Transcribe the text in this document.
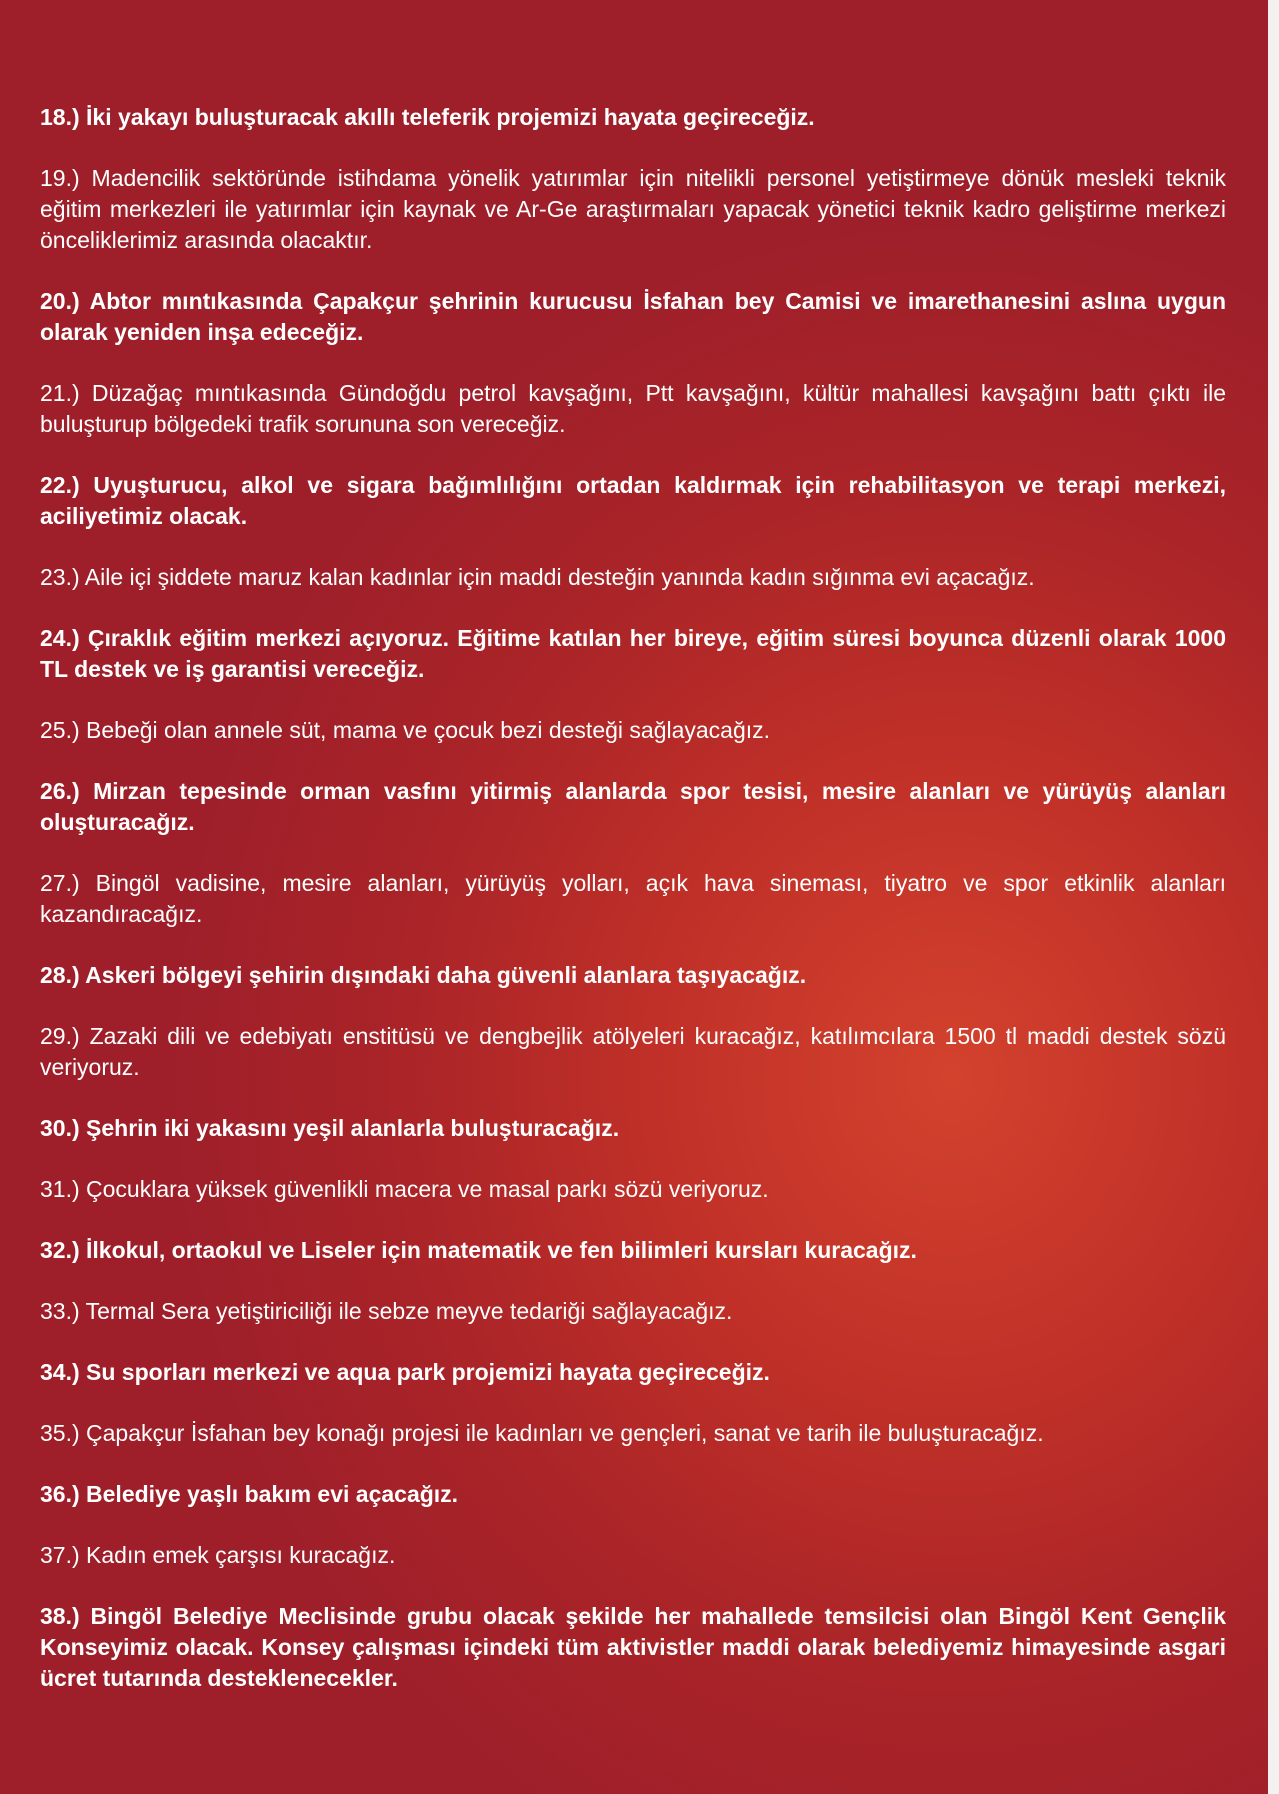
18.) İki yakayı buluşturacak akıllı teleferik projemizi hayata geçireceğiz.

19.) Madencilik sektöründe istihdama yönelik yatırımlar için nitelikli personel yetiştirmeye dönük mesleki teknik eğitim merkezleri ile yatırımlar için kaynak ve Ar-Ge araştırmaları yapacak yönetici teknik kadro geliştirme merkezi önceliklerimiz arasında olacaktır.

20.) Abtor mıntıkasında Çapakçur şehrinin kurucusu İsfahan bey Camisi ve imarethanesini aslına uygun olarak yeniden inşa edeceğiz.

21.) Düzağaç mıntıkasında Gündoğdu petrol kavşağını, Ptt kavşağını, kültür mahallesi kavşağını battı çıktı ile buluşturup bölgedeki trafik sorununa son vereceğiz.

22.) Uyuşturucu, alkol ve sigara bağımlılığını ortadan kaldırmak için rehabilitasyon ve terapi merkezi, aciliyetimiz olacak.

23.) Aile içi şiddete maruz kalan kadınlar için maddi desteğin yanında kadın sığınma evi açacağız.

24.) Çıraklık eğitim merkezi açıyoruz. Eğitime katılan her bireye, eğitim süresi boyunca düzenli olarak 1000 TL destek ve iş garantisi vereceğiz.

25.) Bebeği olan annele süt, mama ve çocuk bezi desteği sağlayacağız.

26.) Mirzan tepesinde orman vasfını yitirmiş alanlarda spor tesisi, mesire alanları ve yürüyüş alanları oluşturacağız.

27.) Bingöl vadisine, mesire alanları, yürüyüş yolları, açık hava sineması, tiyatro ve spor etkinlik alanları kazandıracağız.

28.) Askeri bölgeyi şehirin dışındaki daha güvenli alanlara taşıyacağız.

29.) Zazaki dili ve edebiyatı enstitüsü ve dengbejlik atölyeleri kuracağız, katılımcılara 1500 tl maddi destek sözü veriyoruz.

30.) Şehrin iki yakasını yeşil alanlarla buluşturacağız.

31.) Çocuklara yüksek güvenlikli macera ve masal parkı sözü veriyoruz.

32.) İlkokul, ortaokul ve Liseler için matematik ve fen bilimleri kursları kuracağız.

33.) Termal Sera yetiştiriciliği ile sebze meyve tedariği sağlayacağız.

34.) Su sporları merkezi ve aqua park projemizi hayata geçireceğiz.

35.) Çapakçur İsfahan bey konağı projesi ile kadınları ve gençleri, sanat ve tarih ile buluşturacağız.

36.) Belediye yaşlı bakım evi açacağız.

37.) Kadın emek çarşısı kuracağız.

38.) Bingöl Belediye Meclisinde grubu olacak şekilde her mahallede temsilcisi olan Bingöl Kent Gençlik Konseyimiz olacak. Konsey çalışması içindeki tüm aktivistler maddi olarak belediyemiz himayesinde asgari ücret tutarında desteklenecekler.
